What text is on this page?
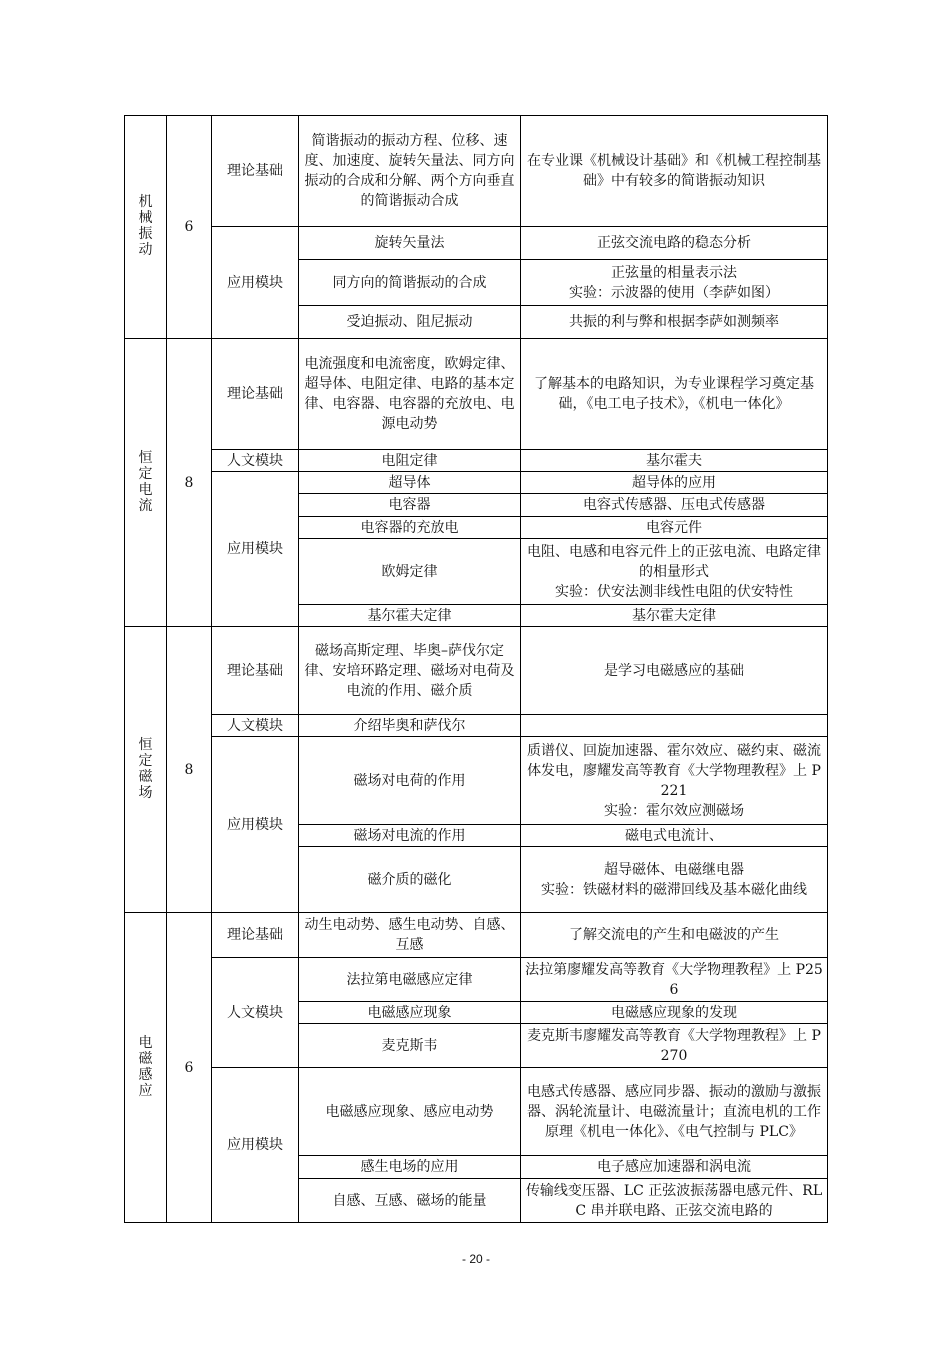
机械振动	6	理论基础	简谐振动的振动方程、位移、速度、加速度、旋转矢量法、同方向振动的合成和分解、两个方向垂直的简谐振动合成	在专业课《机械设计基础》和《机械工程控制基础》中有较多的简谐振动知识
		应用模块	旋转矢量法	正弦交流电路的稳态分析
			同方向的简谐振动的合成	正弦量的相量表示法
实验：示波器的使用（李萨如图）

			受迫振动、阻尼振动	共振的利与弊和根据李萨如测频率
恒定电流	8	理论基础	电流强度和电流密度，欧姆定律、超导体、电阻定律、电路的基本定律、电容器、电容器的充放电、电源电动势	了解基本的电路知识，为专业课程学习奠定基础，《电工电子技术》，《机电一体化》
		人文模块	电阻定律	基尔霍夫
		应用模块	超导体	超导体的应用
			电容器	电容式传感器、压电式传感器
			电容器的充放电	电容元件
			欧姆定律	电阻、电感和电容元件上的正弦电流、电路定律的相量形式
实验：伏安法测非线性电阻的伏安特性

			基尔霍夫定律	基尔霍夫定律
恒定磁场	8	理论基础	磁场高斯定理、毕奥–萨伐尔定律、安培环路定理、磁场对电荷及电流的作用、磁介质	是学习电磁感应的基础
		人文模块	介绍毕奥和萨伐尔	
		应用模块	磁场对电荷的作用	质谱仪、回旋加速器、霍尔效应、磁约束、磁流体发电，廖耀发高等教育《大学物理教程》上 P221
实验：霍尔效应测磁场

			磁场对电流的作用	磁电式电流计、
			磁介质的磁化	超导磁体、电磁继电器
实验：铁磁材料的磁滞回线及基本磁化曲线

电磁感应	6	理论基础	动生电动势、感生电动势、自感、互感	了解交流电的产生和电磁波的产生
		人文模块	法拉第电磁感应定律	法拉第廖耀发高等教育《大学物理教程》上 P256
			电磁感应现象	电磁感应现象的发现
			麦克斯韦	麦克斯韦廖耀发高等教育《大学物理教程》上 P270
		应用模块	电磁感应现象、感应电动势	电感式传感器、感应同步器、振动的激励与激振器、涡轮流量计、电磁流量计；直流电机的工作原理《机电一体化》、《电气控制与 PLC》
			感生电场的应用	电子感应加速器和涡电流
			自感、互感、磁场的能量	传输线变压器、LC 正弦波振荡器电感元件、RLC 串并联电路、正弦交流电路的
- 20 -
